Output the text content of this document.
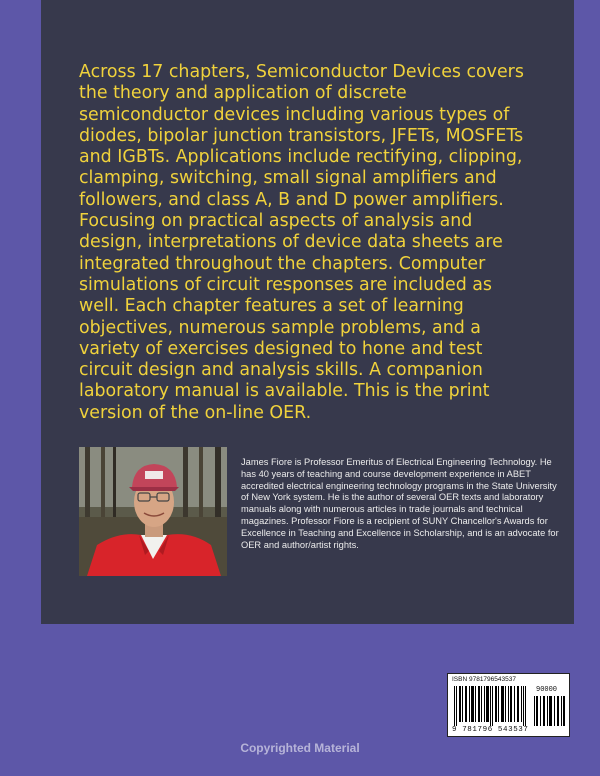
Across 17 chapters, Semiconductor Devices covers the theory and application of discrete semiconductor devices including various types of diodes, bipolar junction transistors, JFETs, MOSFETs and IGBTs. Applications include rectifying, clipping, clamping, switching, small signal amplifiers and followers, and class A, B and D power amplifiers. Focusing on practical aspects of analysis and design, interpretations of device data sheets are integrated throughout the chapters. Computer simulations of circuit responses are included as well. Each chapter features a set of learning objectives, numerous sample problems, and a variety of exercises designed to hone and test circuit design and analysis skills. A companion laboratory manual is available. This is the print version of the on-line OER.

James Fiore is Professor Emeritus of Electrical Engineering Technology. He has 40 years of teaching and course development experience in ABET accredited electrical engineering technology programs in the State University of New York system. He is the author of several OER texts and laboratory manuals along with numerous articles in trade journals and technical magazines. Professor Fiore is a recipient of SUNY Chancellor's Awards for Excellence in Teaching and Excellence in Scholarship, and is an advocate for OER and author/artist rights.

ISBN 9781796543537
90000
9 781796 543537
Copyrighted Material
